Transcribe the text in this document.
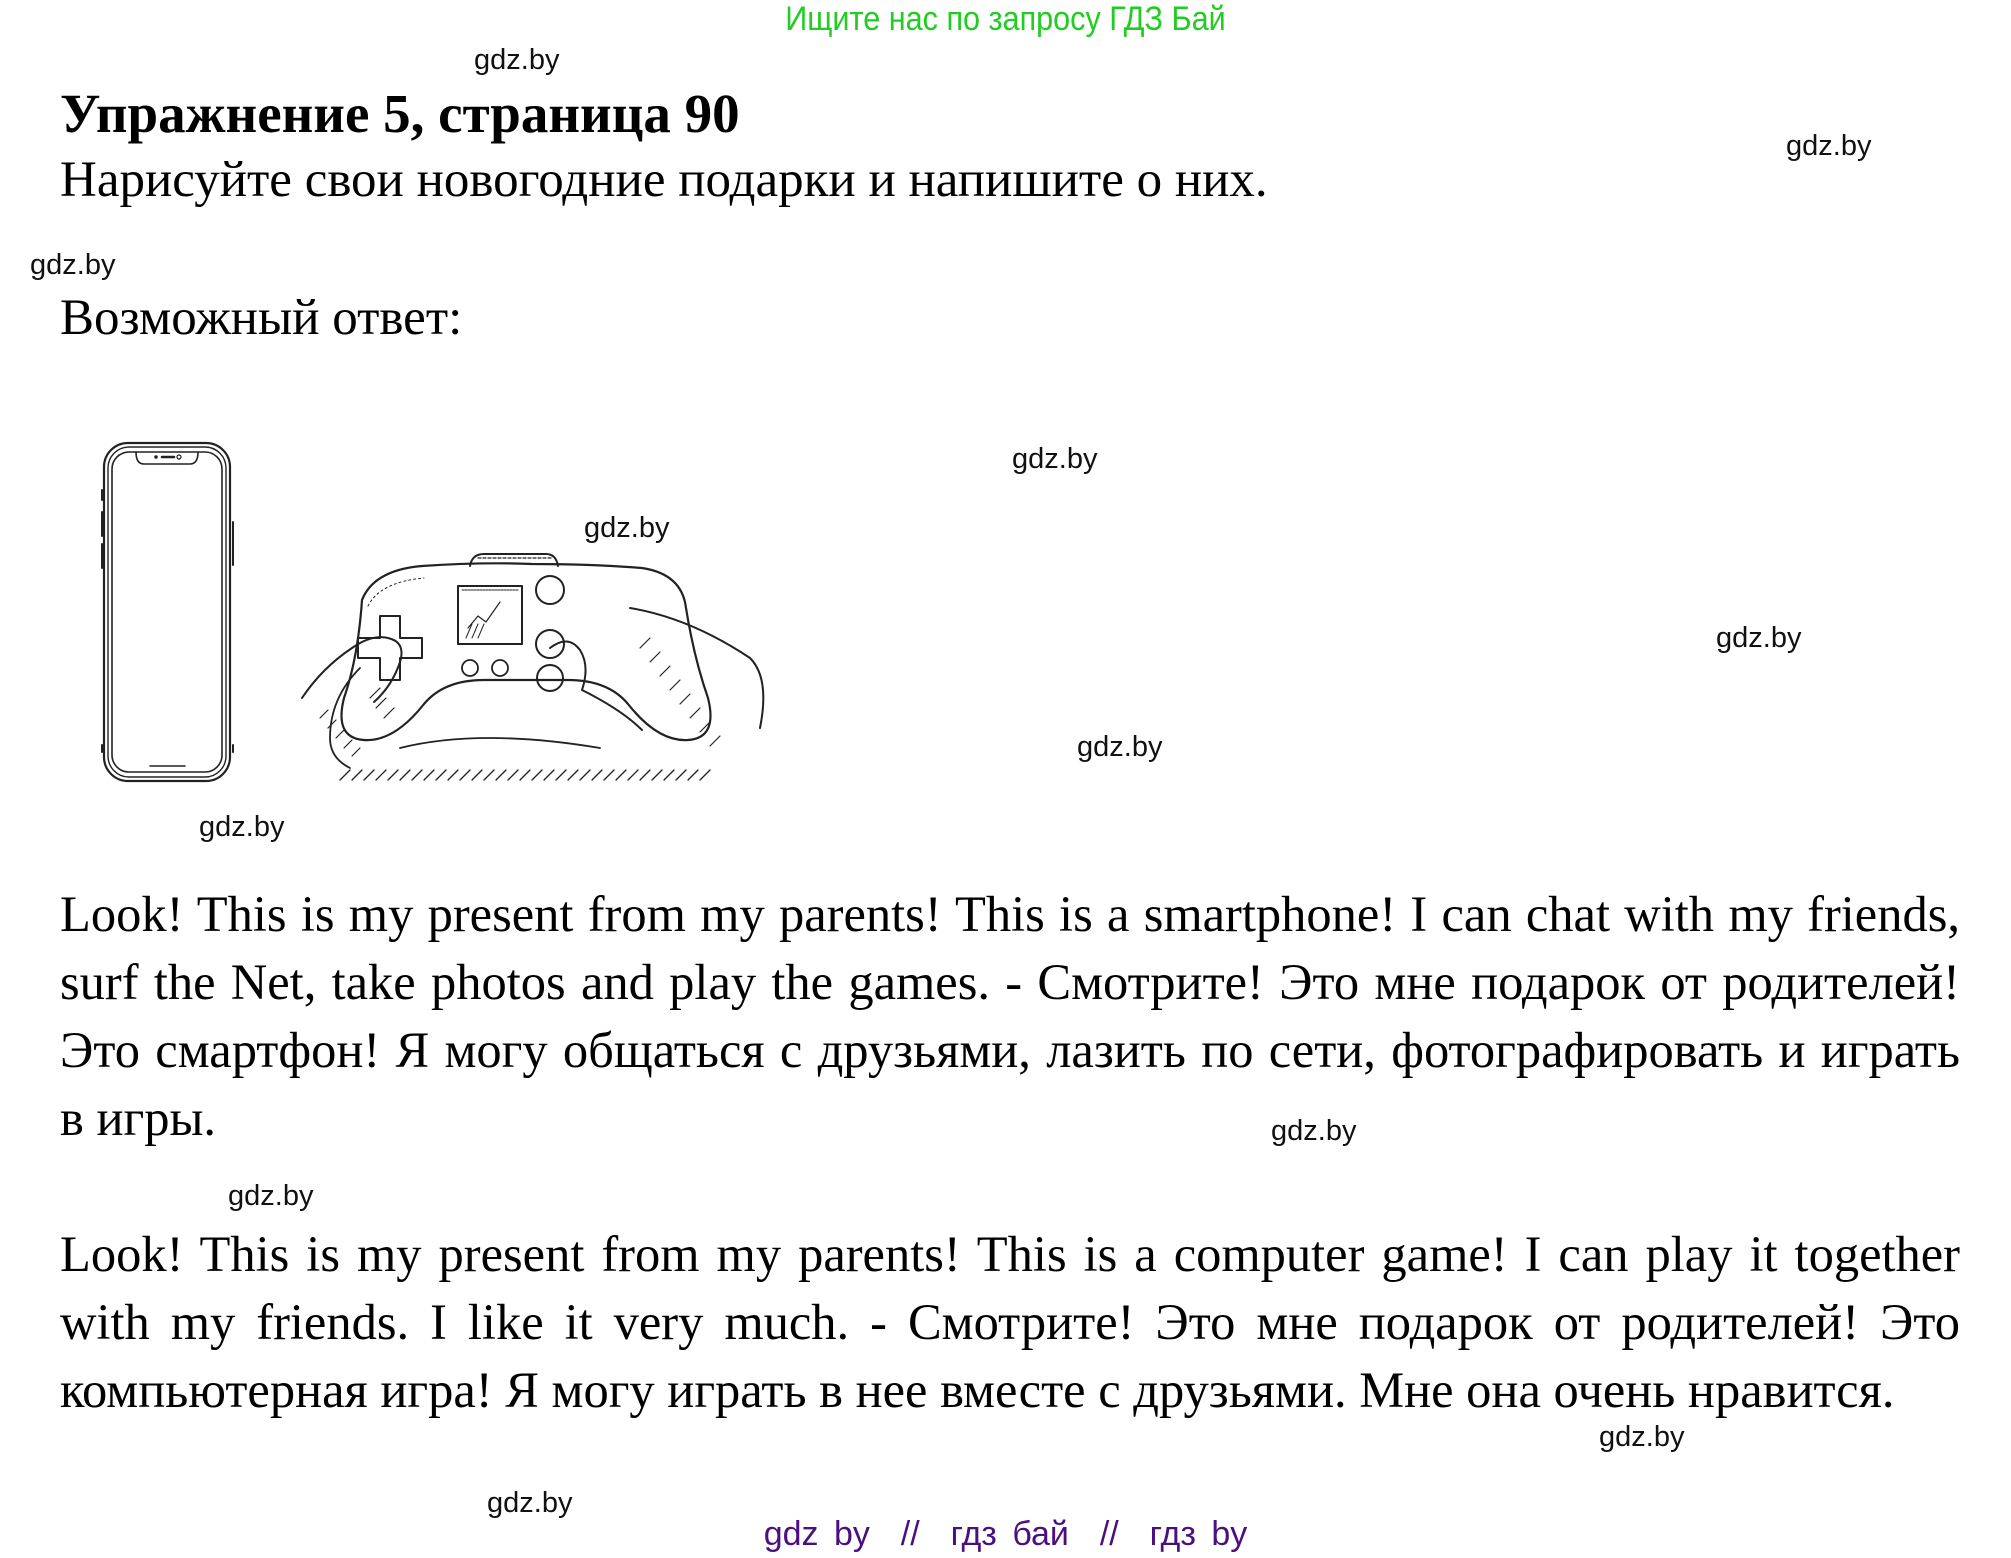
Ищите нас по запросу ГДЗ Бай
Упражнение 5, страница 90
Нарисуйте свои новогодние подарки и напишите о них.
Возможный ответ:

Look! This is my present from my parents! This is a smartphone! I can chat with my friends, surf the Net, take photos and play the games. - Смотрите! Это мне подарок от родителей! Это смартфон! Я могу общаться с друзьями, лазить по сети, фотографировать и играть в игры.

Look! This is my present from my parents! This is a computer game! I can play it together with my friends. I like it very much. - Смотрите! Это мне подарок от родителей! Это компьютерная игра! Я могу играть в нее вместе с друзьями. Мне она очень нравится.

gdz.by
gdz.by
gdz.by
gdz.by
gdz.by
gdz.by
gdz.by
gdz.by
gdz.by
gdz.by
gdz.by
gdz.by
gdz by  //  гдз бай  //  гдз by
